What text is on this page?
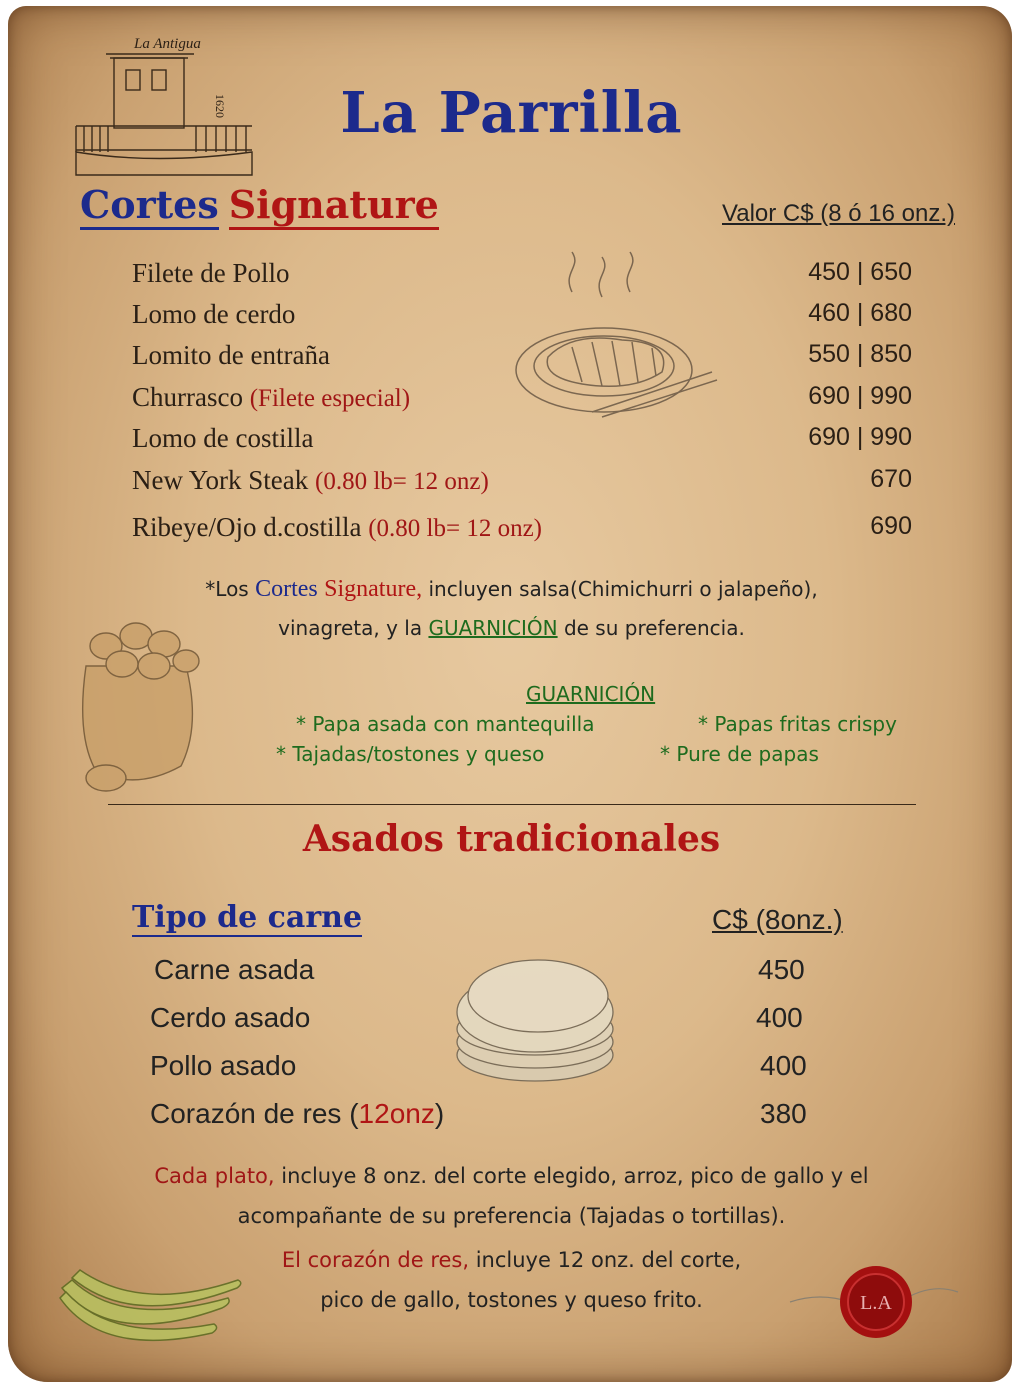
La Antigua
1620	La Parrilla
Cortes Signature	Valor C$ (8 ó 16 onz.)
Filete de Pollo	450 | 650
Lomo de cerdo	460 | 680
Lomito de entraña	550 | 850
Churrasco (Filete especial)	690 | 990
Lomo de costilla	690 | 990
New York Steak (0.80 lb= 12 onz)	670
Ribeye/Ojo d.costilla (0.80 lb= 12 onz)	690
*Los Cortes Signature, incluyen salsa(Chimichurri o jalapeño),
vinagreta, y la GUARNICIÓN de su preferencia.
GUARNICIÓN
* Papa asada con mantequilla	* Papas fritas crispy
* Tajadas/tostones y queso	* Pure de papas
Asados tradicionales
Tipo de carne	C$ (8onz.)
Carne asada	450
Cerdo asado	400
Pollo asado	400
Corazón de res (12onz)	380
Cada plato, incluye 8 onz. del corte elegido, arroz, pico de gallo y el
acompañante de su preferencia (Tajadas o tortillas).
El corazón de res, incluye 12 onz. del corte,
pico de gallo, tostones y queso frito.	L.A
